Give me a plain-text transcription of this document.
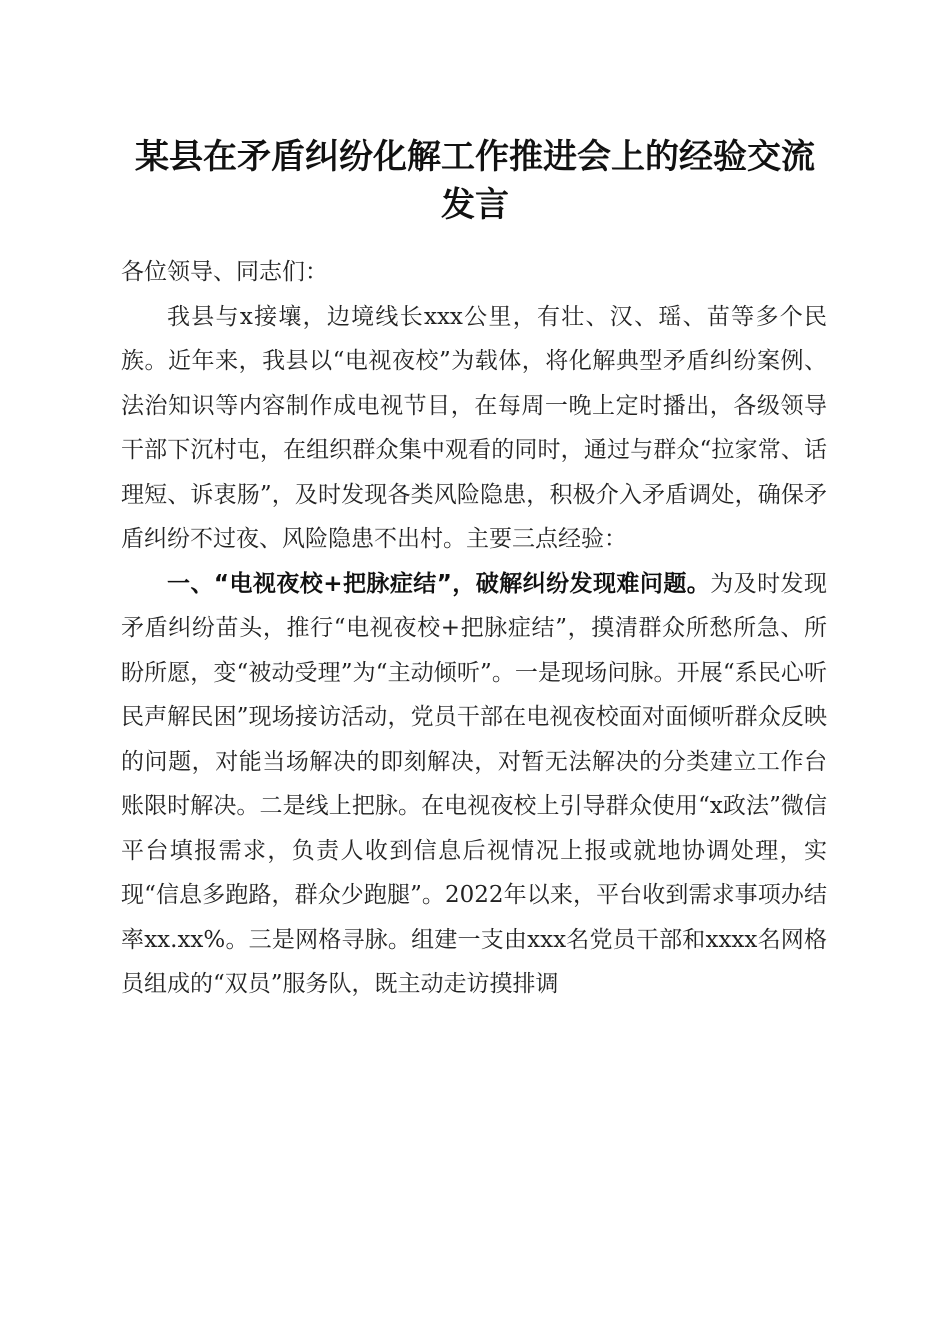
某县在矛盾纠纷化解工作推进会上的经验交流
发言

各位领导、同志们：

我县与x接壤，边境线长xxx公里，有壮、汉、瑶、苗等多个民族。近年来，我县以“电视夜校”为载体，将化解典型矛盾纠纷案例、法治知识等内容制作成电视节目，在每周一晚上定时播出，各级领导干部下沉村屯，在组织群众集中观看的同时，通过与群众“拉家常、话理短、诉衷肠”，及时发现各类风险隐患，积极介入矛盾调处，确保矛盾纠纷不过夜、风险隐患不出村。主要三点经验：

一、“电视夜校+把脉症结”，破解纠纷发现难问题。为及时发现矛盾纠纷苗头，推行“电视夜校+把脉症结”，摸清群众所愁所急、所盼所愿，变“被动受理”为“主动倾听”。一是现场问脉。开展“系民心听民声解民困”现场接访活动，党员干部在电视夜校面对面倾听群众反映的问题，对能当场解决的即刻解决，对暂无法解决的分类建立工作台账限时解决。二是线上把脉。在电视夜校上引导群众使用“x政法”微信平台填报需求，负责人收到信息后视情况上报或就地协调处理，实现“信息多跑路，群众少跑腿”。2022年以来，平台收到需求事项办结率xx.xx%。三是网格寻脉。组建一支由xxx名党员干部和xxxx名网格员组成的“双员”服务队，既主动走访摸排调
